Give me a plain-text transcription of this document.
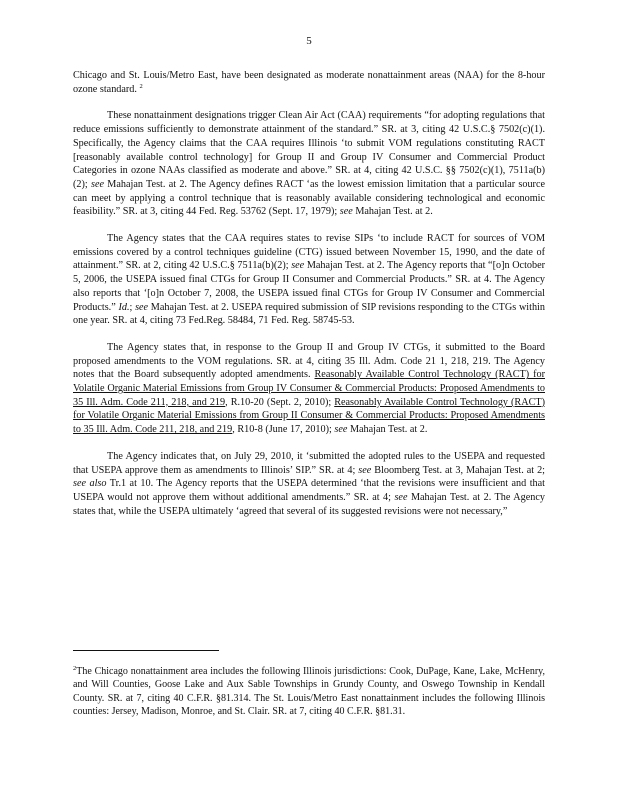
5

Chicago and St. Louis/Metro East, have been designated as moderate nonattainment areas (NAA) for the 8-hour ozone standard. $^2$

These nonattainment designations trigger Clean Air Act (CAA) requirements “for adopting regulations that reduce emissions sufficiently to demonstrate attainment of the standard.” SR. at 3, citing 42 U.S.C.§ 7502(c)(1). Specifically, the Agency claims that the CAA requires Illinois ‘to submit VOM regulations constituting RACT [reasonably available control technology] for Group II and Group IV Consumer and Commercial Product Categories in ozone NAAs classified as moderate and above.” SR. at 4, citing 42 U.S.C. §§ 7502(c)(1), 7511a(b)(2); see Mahajan Test. at 2. The Agency defines RACT ‘as the lowest emission limitation that a particular source can meet by applying a control technique that is reasonably available considering technological and economic feasibility.” SR. at 3, citing 44 Fed. Reg. 53762 (Sept. 17, 1979); see Mahajan Test. at 2.

The Agency states that the CAA requires states to revise SIPs ‘to include RACT for sources of VOM emissions covered by a control techniques guideline (CTG) issued between November 15, 1990, and the date of attainment.” SR. at 2, citing 42 U.S.C.§ 7511a(b)(2); see Mahajan Test. at 2. The Agency reports that “[o]n October 5, 2006, the USEPA issued final CTGs for Group II Consumer and Commercial Products.” SR. at 4. The Agency also reports that ‘[o]n October 7, 2008, the USEPA issued final CTGs for Group IV Consumer and Commercial Products.” Id.; see Mahajan Test. at 2. USEPA required submission of SIP revisions responding to the CTGs within one year. SR. at 4, citing 73 Fed.Reg. 58484, 71 Fed. Reg. 58745-53.

The Agency states that, in response to the Group II and Group IV CTGs, it submitted to the Board proposed amendments to the VOM regulations. SR. at 4, citing 35 Ill. Adm. Code 21 1, 218, 219. The Agency notes that the Board subsequently adopted amendments. Reasonably Available Control Technology (RACT) for Volatile Organic Material Emissions from Group IV Consumer & Commercial Products: Proposed Amendments to 35 Ill. Adm. Code 211, 218, and 219, R.10-20 (Sept. 2, 2010); Reasonably Available Control Technology (RACT) for Volatile Organic Material Emissions from Group II Consumer & Commercial Products: Proposed Amendments to 35 Ill. Adm. Code 211, 218, and 219, R10-8 (June 17, 2010); see Mahajan Test. at 2.

The Agency indicates that, on July 29, 2010, it ‘submitted the adopted rules to the USEPA and requested that USEPA approve them as amendments to Illinois’ SIP.” SR. at 4; see Bloomberg Test. at 3, Mahajan Test. at 2; see also Tr.1 at 10. The Agency reports that the USEPA determined ‘that the revisions were insufficient and that USEPA would not approve them without additional amendments.” SR. at 4; see Mahajan Test. at 2. The Agency states that, while the USEPA ultimately ‘agreed that several of its suggested revisions were not necessary,”

$^2$The Chicago nonattainment area includes the following Illinois jurisdictions: Cook, DuPage, Kane, Lake, McHenry, and Will Counties, Goose Lake and Aux Sable Townships in Grundy County, and Oswego Township in Kendall County. SR. at 7, citing 40 C.F.R. §81.314. The St. Louis/Metro East nonattainment includes the following Illinois counties: Jersey, Madison, Monroe, and St. Clair. SR. at 7, citing 40 C.F.R. §81.31.
